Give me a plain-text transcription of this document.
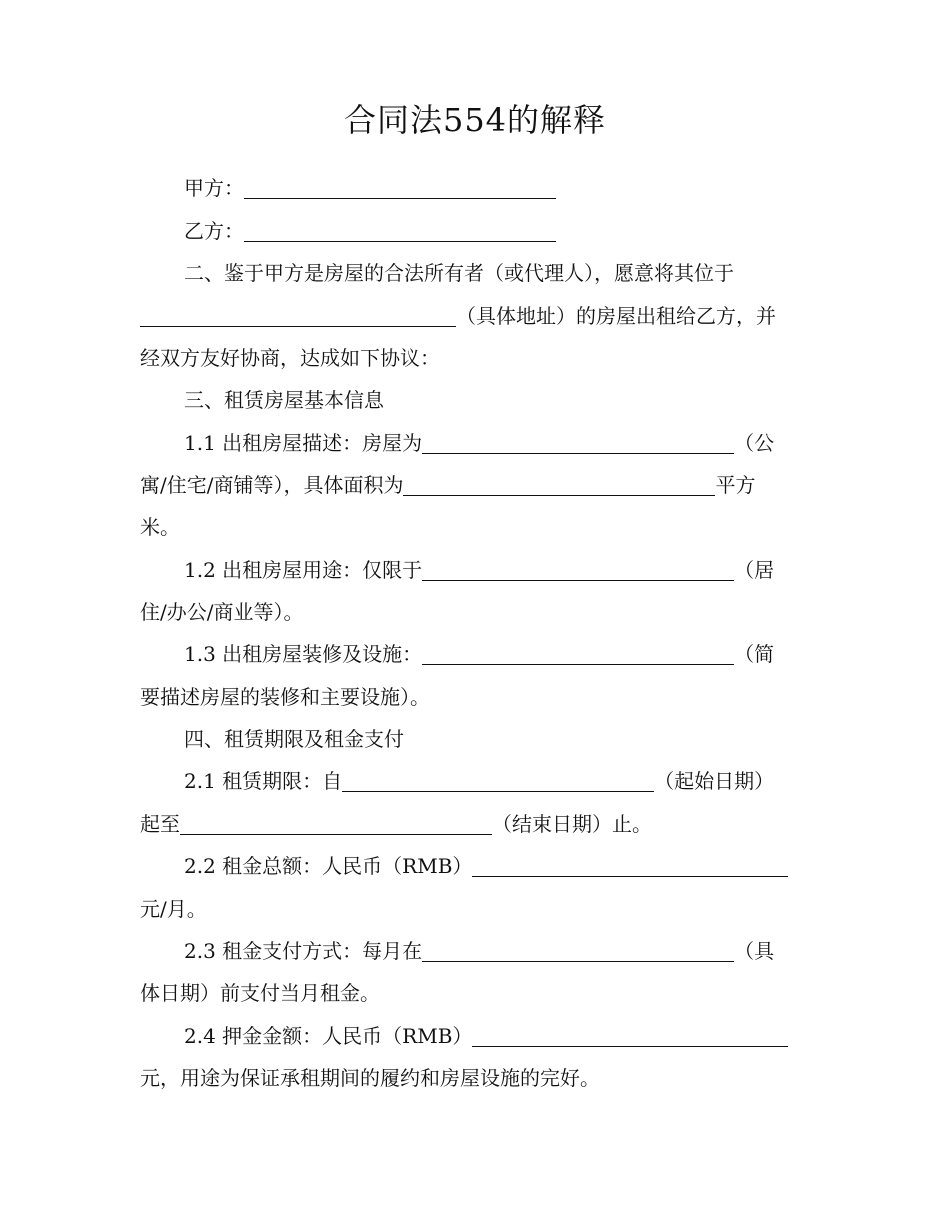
合同法554的解释
甲方：
乙方：
二、鉴于甲方是房屋的合法所有者（或代理人），愿意将其位于
（具体地址）的房屋出租给乙方，并
经双方友好协商，达成如下协议：
三、租赁房屋基本信息
1.1 出租房屋描述：房屋为	（公
寓/住宅/商铺等），具体面积为	平方
米。
1.2 出租房屋用途：仅限于	（居
住/办公/商业等）。
1.3 出租房屋装修及设施：	（简
要描述房屋的装修和主要设施）。
四、租赁期限及租金支付
2.1 租赁期限：自	（起始日期）
起至	（结束日期）止。
2.2 租金总额：人民币（RMB）
元/月。
2.3 租金支付方式：每月在	（具
体日期）前支付当月租金。
2.4 押金金额：人民币（RMB）
元，用途为保证承租期间的履约和房屋设施的完好。
